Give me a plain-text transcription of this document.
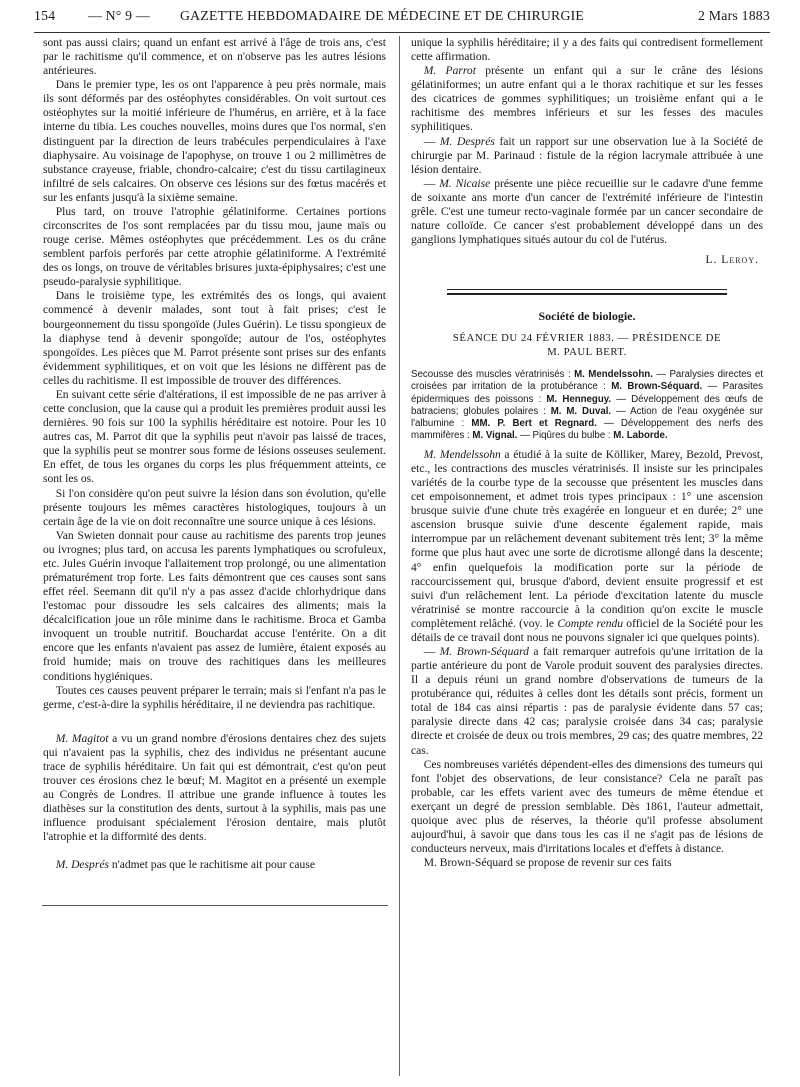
154 — N° 9 — GAZETTE HEBDOMADAIRE DE MÉDECINE ET DE CHIRURGIE	2 Mars 1883

sont pas aussi clairs; quand un enfant est arrivé à l'âge de trois ans, c'est par le rachitisme qu'il commence, et on n'observe pas les autres lésions antérieures.

Dans le premier type, les os ont l'apparence à peu près normale, mais ils sont déformés par des ostéophytes considérables. On voit surtout ces ostéophytes sur la moitié inférieure de l'humérus, en arrière, et à la face interne du tibia. Les couches nouvelles, moins dures que l'os normal, s'en distinguent par la direction de leurs trabécules perpendiculaires à l'axe diaphysaire. Au voisinage de l'apophyse, on trouve 1 ou 2 millimètres de substance crayeuse, friable, chondro-calcaire; c'est du tissu cartilagineux infiltré de sels calcaires. On observe ces lésions sur des fœtus macérés et sur les enfants jusqu'à la sixième semaine.

Plus tard, on trouve l'atrophie gélatiniforme. Certaines portions circonscrites de l'os sont remplacées par du tissu mou, jaune maïs ou rouge cerise. Mêmes ostéophytes que précédemment. Les os du crâne semblent parfois perforés par cette atrophie gélatiniforme. A l'extrémité des os longs, on trouve de véritables brisures juxta-épiphysaires; c'est une pseudo-paralysie syphilitique.

Dans le troisième type, les extrémités des os longs, qui avaient commencé à devenir malades, sont tout à fait prises; c'est le bourgeonnement du tissu spongoïde (Jules Guérin). Le tissu spongieux de la diaphyse tend à devenir spongoïde; autour de l'os, ostéophytes spongoïdes. Les pièces que M. Parrot présente sont prises sur des enfants évidemment syphilitiques, et on voit que les lésions ne diffèrent pas de celles du rachitisme. Il est impossible de trouver des différences.

En suivant cette série d'altérations, il est impossible de ne pas arriver à cette conclusion, que la cause qui a produit les premières produit aussi les dernières. 90 fois sur 100 la syphilis héréditaire est notoire. Pour les 10 autres cas, M. Parrot dit que la syphilis peut n'avoir pas laissé de traces, que la syphilis peut se montrer sous forme de lésions osseuses seulement. En effet, de tous les organes du corps les plus fréquemment atteints, ce sont les os.

Si l'on considère qu'on peut suivre la lésion dans son évolution, qu'elle présente toujours les mêmes caractères histologiques, toujours à un certain âge de la vie on doit reconnaître une source unique à ces lésions.

Van Swieten donnait pour cause au rachitisme des parents trop jeunes ou ivrognes; plus tard, on accusa les parents lymphatiques ou scrofuleux, etc. Jules Guérin invoque l'allaitement trop prolongé, ou une alimentation prématurément trop forte. Les faits démontrent que ces causes sont sans effet réel. Seemann dit qu'il n'y a pas assez d'acide chlorhydrique dans l'estomac pour dissoudre les sels calcaires des aliments; mais la décalcification joue un rôle minime dans le rachitisme. Broca et Gamba invoquent un trouble nutritif. Bouchardat accuse l'entérite. On a dit encore que les enfants n'avaient pas assez de lumière, étaient exposés au froid humide; mais on trouve des rachitiques dans les meilleures conditions hygiéniques.

Toutes ces causes peuvent préparer le terrain; mais si l'enfant n'a pas le germe, c'est-à-dire la syphilis héréditaire, il ne deviendra pas rachitique.

M. Magitot a vu un grand nombre d'érosions dentaires chez des sujets qui n'avaient pas la syphilis, chez des individus ne présentant aucune trace de syphilis héréditaire. Un fait qui est démontrait, c'est qu'on peut trouver ces érosions chez le bœuf; M. Magitot en a présenté un exemple au Congrès de Londres. Il attribue une grande influence à toutes les diathèses sur la constitution des dents, surtout à la syphilis, mais pas une influence produisant spécialement l'érosion dentaire, mais plutôt l'atrophie et la difformité des dents.

M. Després n'admet pas que le rachitisme ait pour cause

unique la syphilis héréditaire; il y a des faits qui contredisent formellement cette affirmation.

M. Parrot présente un enfant qui a sur le crâne des lésions gélatiniformes; un autre enfant qui a le thorax rachitique et sur les fesses des cicatrices de gommes syphilitiques; un troisième enfant qui a le rachitisme des membres inférieurs et sur les fesses des macules syphilitiques.

— M. Després fait un rapport sur une observation lue à la Société de chirurgie par M. Parinaud : fistule de la région lacrymale attribuée à une lésion dentaire.

— M. Nicaise présente une pièce recueillie sur le cadavre d'une femme de soixante ans morte d'un cancer de l'extrémité inférieure de l'intestin grêle. C'est une tumeur recto-vaginale formée par un cancer secondaire de nature colloïde. Ce cancer s'est probablement développé dans un des ganglions lymphatiques situés autour du col de l'utérus.

L. Leroy.
Société de biologie.
SÉANCE DU 24 FÉVRIER 1883. — PRÉSIDENCE DE
M. PAUL BERT.
Secousse des muscles vératrinisés : M. Mendelssohn. — Paralysies directes et croisées par irritation de la protubérance : M. Brown-Séquard. — Parasites épidermiques des poissons : M. Henneguy. — Développement des œufs de batraciens; globules polaires : M. M. Duval. — Action de l'eau oxygénée sur l'albumine : MM. P. Bert et Regnard. — Développement des nerfs des mammifères : M. Vignal. — Piqûres du bulbe : M. Laborde.

M. Mendelssohn a étudié à la suite de Kölliker, Marey, Bezold, Prevost, etc., les contractions des muscles vératrinisés. Il insiste sur les principales variétés de la courbe type de la secousse que présentent les muscles dans cet empoisonnement, et admet trois types principaux : 1° une ascension brusque suivie d'une chute très exagérée en longueur et en durée; 2° une ascension brusque suivie d'une descente également rapide, mais interrompue par un relâchement devenant subitement très lent; 3° la même forme que plus haut avec une sorte de dicrotisme allongé dans la descente; 4° enfin quelquefois la modification porte sur la période de raccourcissement qui, brusque d'abord, devient ensuite progressif et est suivi d'un relâchement lent. La période d'excitation latente du muscle vératrinisé se montre raccourcie à la condition qu'on excite le muscle complètement relâché. (voy. le Compte rendu officiel de la Société pour les détails de ce travail dont nous ne pouvons signaler ici que quelques points).

— M. Brown-Séquard a fait remarquer autrefois qu'une irritation de la partie antérieure du pont de Varole produit souvent des paralysies directes. Il a depuis réuni un grand nombre d'observations de tumeurs de la protubérance qui, réduites à celles dont les détails sont précis, forment un total de 184 cas ainsi répartis : pas de paralysie évidente dans 57 cas; paralysie directe dans 42 cas; paralysie croisée dans 34 cas; paralysie directe et croisée de deux ou trois membres, 29 cas; des quatre membres, 22 cas.

Ces nombreuses variétés dépendent-elles des dimensions des tumeurs qui font l'objet des observations, de leur consistance? Cela ne paraît pas probable, car les effets varient avec des tumeurs de même étendue et exerçant un degré de pression semblable. Dès 1861, l'auteur admettait, quoique avec plus de réserves, la théorie qu'il professe absolument aujourd'hui, à savoir que dans tous les cas il ne s'agit pas de lésions de conducteurs nerveux, mais d'irritations locales et d'effets à distance.

M. Brown-Séquard se propose de revenir sur ces faits
